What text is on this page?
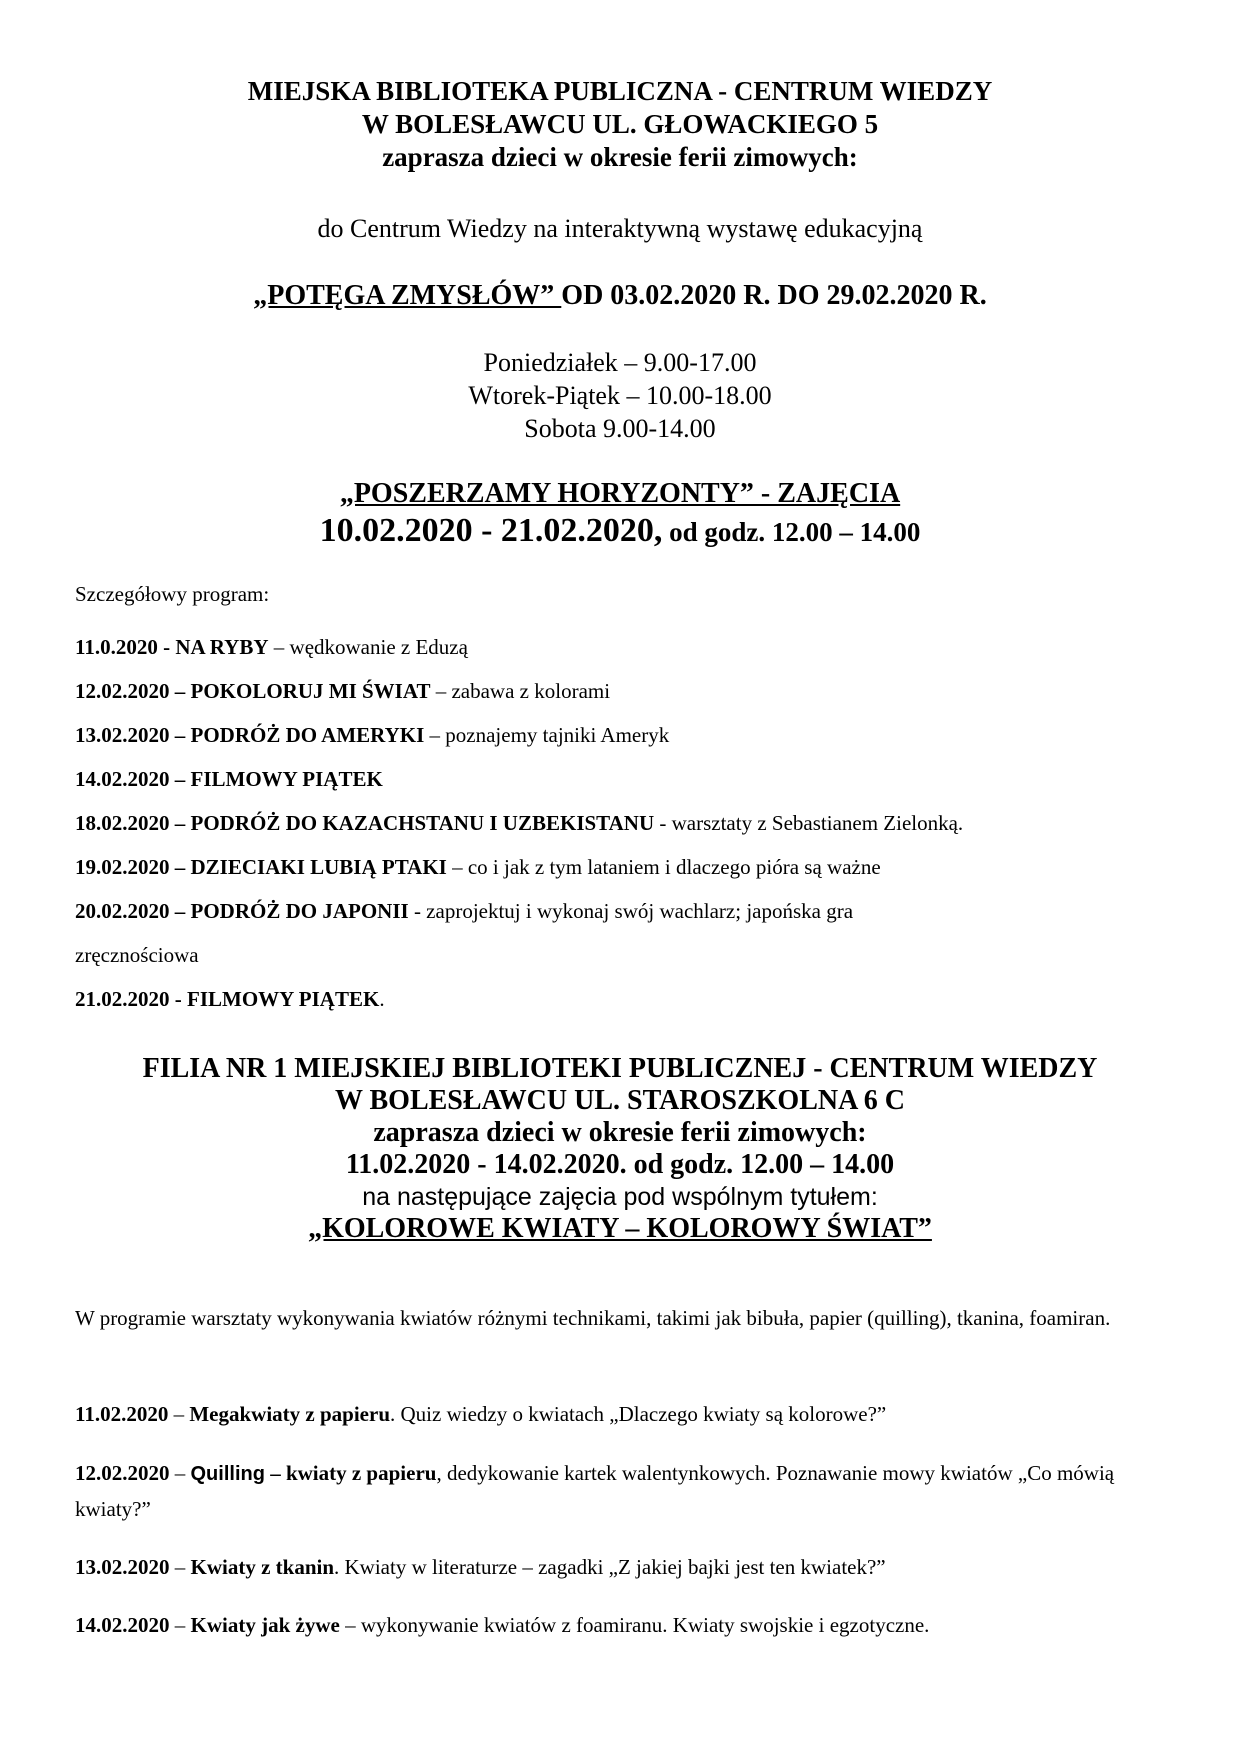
MIEJSKA BIBLIOTEKA PUBLICZNA - CENTRUM WIEDZY
W BOLESŁAWCU UL. GŁOWACKIEGO 5
zaprasza dzieci w okresie ferii zimowych:
do Centrum Wiedzy na interaktywną wystawę edukacyjną
„POTĘGA ZMYSŁÓW” OD 03.02.2020 R. DO 29.02.2020 R.
Poniedziałek – 9.00-17.00
Wtorek-Piątek – 10.00-18.00
Sobota 9.00-14.00
„POSZERZAMY HORYZONTY” - ZAJĘCIA
10.02.2020 - 21.02.2020, od godz. 12.00 – 14.00
Szczegółowy program:
11.0.2020 - NA RYBY – wędkowanie z Eduzą
12.02.2020 – POKOLORUJ MI ŚWIAT – zabawa z kolorami
13.02.2020 – PODRÓŻ DO AMERYKI – poznajemy tajniki Ameryk
14.02.2020 – FILMOWY PIĄTEK
18.02.2020 – PODRÓŻ DO KAZACHSTANU I UZBEKISTANU - warsztaty z Sebastianem Zielonką.
19.02.2020 – DZIECIAKI LUBIĄ PTAKI – co i jak z tym lataniem i dlaczego pióra są ważne
20.02.2020 – PODRÓŻ DO JAPONII - zaprojektuj i wykonaj swój wachlarz; japońska gra
zręcznościowa
21.02.2020 - FILMOWY PIĄTEK.
FILIA NR 1 MIEJSKIEJ BIBLIOTEKI PUBLICZNEJ - CENTRUM WIEDZY
W BOLESŁAWCU UL. STAROSZKOLNA 6 C
zaprasza dzieci w okresie ferii zimowych:
11.02.2020 - 14.02.2020. od godz. 12.00 – 14.00
na następujące zajęcia pod wspólnym tytułem:
„KOLOROWE KWIATY – KOLOROWY ŚWIAT”
W programie warsztaty wykonywania kwiatów różnymi technikami, takimi jak bibuła, papier (quilling), tkanina, foamiran.
11.02.2020 – Megakwiaty z papieru. Quiz wiedzy o kwiatach „Dlaczego kwiaty są kolorowe?”
12.02.2020 – Quilling – kwiaty z papieru, dedykowanie kartek walentynkowych. Poznawanie mowy kwiatów „Co mówią kwiaty?”
13.02.2020 – Kwiaty z tkanin. Kwiaty w literaturze – zagadki „Z jakiej bajki jest ten kwiatek?”
14.02.2020 – Kwiaty jak żywe – wykonywanie kwiatów z foamiranu. Kwiaty swojskie i egzotyczne.
